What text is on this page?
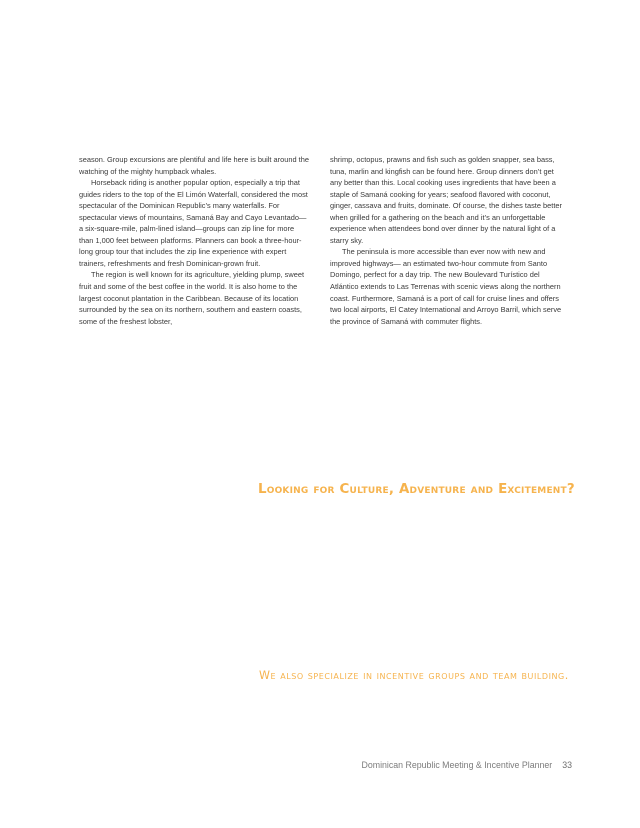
season. Group excursions are plentiful and life here is built around the watching of the mighty humpback whales.

Horseback riding is another popular option, especially a trip that guides riders to the top of the El Limón Waterfall, considered the most spectacular of the Dominican Republic’s many waterfalls. For spectacular views of mountains, Samaná Bay and Cayo Levantado—a six-square-mile, palm-lined island—groups can zip line for more than 1,000 feet between platforms. Planners can book a three-hour-long group tour that includes the zip line experience with expert trainers, refreshments and fresh Dominican-grown fruit.

The region is well known for its agriculture, yielding plump, sweet fruit and some of the best coffee in the world. It is also home to the largest coconut plantation in the Caribbean. Because of its location surrounded by the sea on its northern, southern and eastern coasts, some of the freshest lobster,

shrimp, octopus, prawns and fish such as golden snapper, sea bass, tuna, marlin and kingfish can be found here. Group dinners don’t get any better than this. Local cooking uses ingredients that have been a staple of Samaná cooking for years; seafood flavored with coconut, ginger, cassava and fruits, dominate. Of course, the dishes taste better when grilled for a gathering on the beach and it’s an unforgettable experience when attendees bond over dinner by the natural light of a starry sky.

The peninsula is more accessible than ever now with new and improved highways— an estimated two-hour commute from Santo Domingo, perfect for a day trip. The new Boulevard Turístico del Atlántico extends to Las Terrenas with scenic views along the northern coast. Furthermore, Samaná is a port of call for cruise lines and offers two local airports, El Catey International and Arroyo Barril, which serve the province of Samaná with commuter flights.

Looking for Culture, Adventure and Excitement?
We also specialize in incentive groups and team building.
Dominican Republic Meeting & Incentive Planner 33
